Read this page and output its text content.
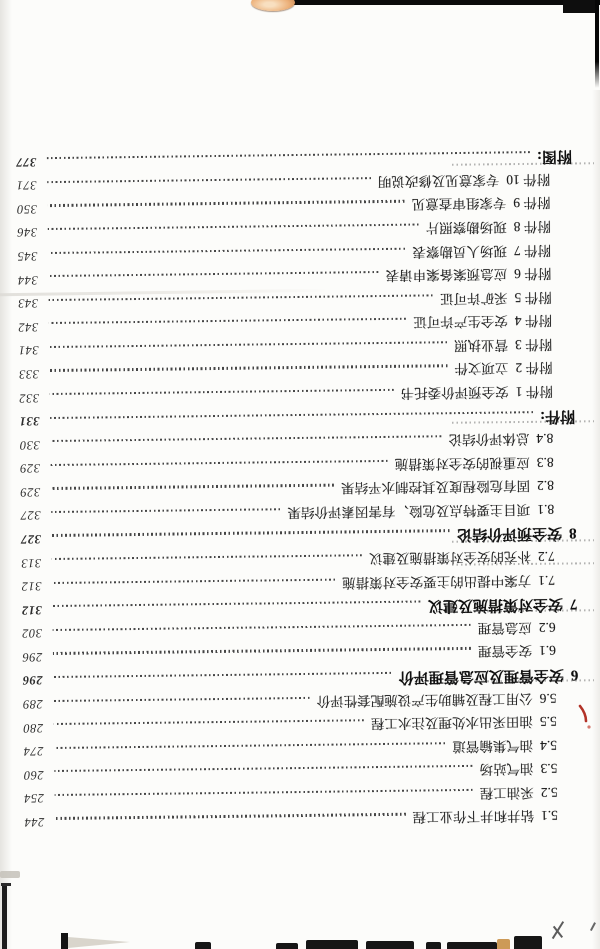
5.1
钻井和井下作业工程
244
5.2
采油工程
254
5.3
油气站场
260
5.4
油气集输管道
274
5.5
油田采出水处理及注水工程
280
5.6
公用工程及辅助生产设施配套性评价
289
6
安全管理及应急管理评价
296
6.1
安全管理
296
6.2
应急管理
302
7
安全对策措施及建议
312
7.1
方案中提出的主要安全对策措施
312
7.2
补充的安全对策措施及建议
313
8
安全预评价结论
327
8.1
项目主要特点及危险、有害因素评价结果
327
8.2
固有危险程度及其控制水平结果
329
8.3
应重视的安全对策措施
329
8.4
总体评价结论
330
附件:
331
附件 1
安全预评价委托书
332
附件 2
立项文件
333
附件 3
营业执照
341
附件 4
安全生产许可证
342
附件 5
采矿许可证
343
附件 6
应急预案备案申请表
344
附件 7
现场人员勘察表
345
附件 8
现场勘察照片
346
附件 9
专家组审查意见
350
附件 10
专家意见及修改说明
371
附图:
377
